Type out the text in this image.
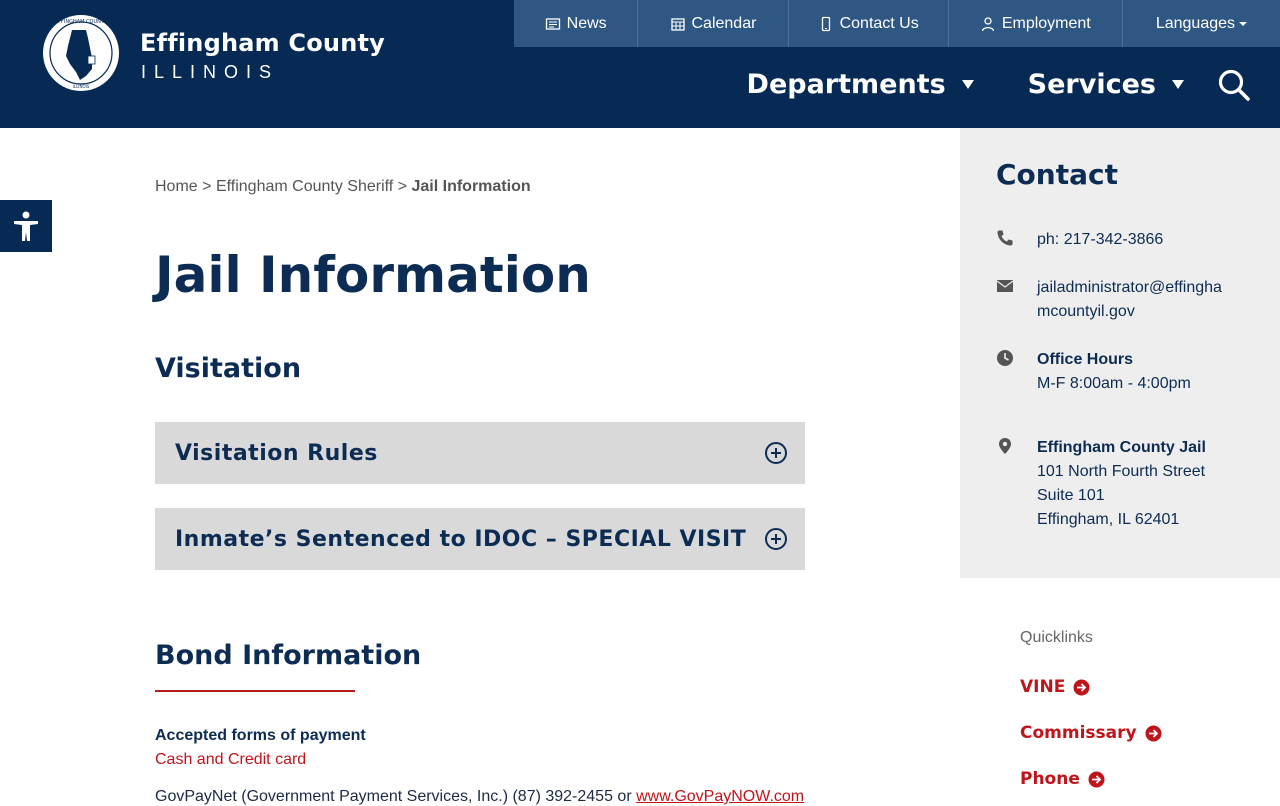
EFFINGHAM COUNTY
ILLINOIS
Effingham County
ILLINOIS
News	Calendar	Contact Us	Employment	Languages
Departments	Services
Home > Effingham County Sheriff > Jail Information
Jail Information
Visitation
Visitation Rules
Inmate’s Sentenced to IDOC – SPECIAL VISIT
Bond Information
Accepted forms of payment
Cash and Credit card
GovPayNet (Government Payment Services, Inc.) (87) 392-2455 or www.GovPayNOW.com
Contact
ph: 217-342-3866
jailadministrator@effinghamcountyil.gov
Office Hours
M-F 8:00am - 4:00pm
Effingham County Jail
101 North Fourth Street
Suite 101
Effingham, IL 62401
Quicklinks
VINE
Commissary
Phone
